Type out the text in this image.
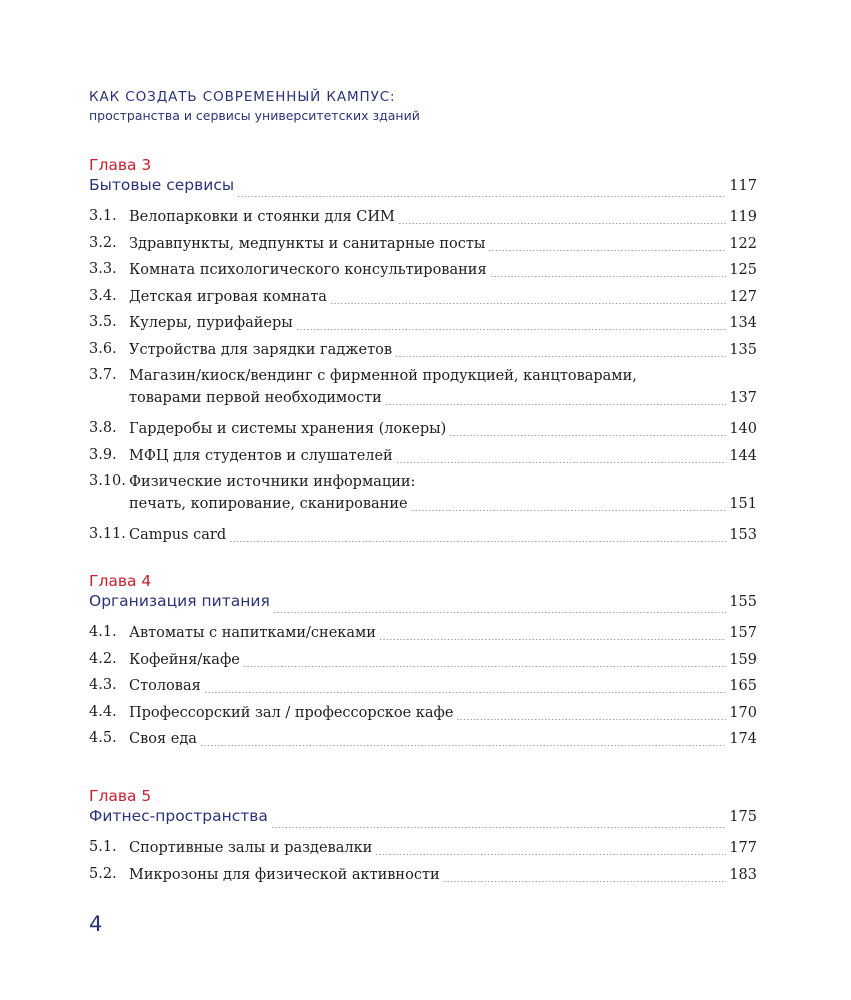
КАК СОЗДАТЬ СОВРЕМЕННЫЙ КАМПУС:
пространства и сервисы университетских зданий
Глава 3
Бытовые сервисы	117
3.1. Велопарковки и стоянки для СИМ	119
3.2. Здравпункты, медпункты и санитарные посты	122
3.3. Комната психологического консультирования	125
3.4. Детская игровая комната	127
3.5. Кулеры, пурифайеры	134
3.6. Устройства для зарядки гаджетов	135
3.7. Магазин/киоск/вендинг с фирменной продукцией, канцтоварами,
товарами первой необходимости	137
3.8. Гардеробы и системы хранения (локеры)	140
3.9. МФЦ для студентов и слушателей	144
3.10. Физические источники информации:
печать, копирование, сканирование	151
3.11. Campus card	153
Глава 4
Организация питания	155
4.1. Автоматы с напитками/снеками	157
4.2. Кофейня/кафе	159
4.3. Столовая	165
4.4. Профессорский зал / профессорское кафе	170
4.5. Своя еда	174
Глава 5
Фитнес-пространства	175
5.1. Спортивные залы и раздевалки	177
5.2. Микрозоны для физической активности	183
4
